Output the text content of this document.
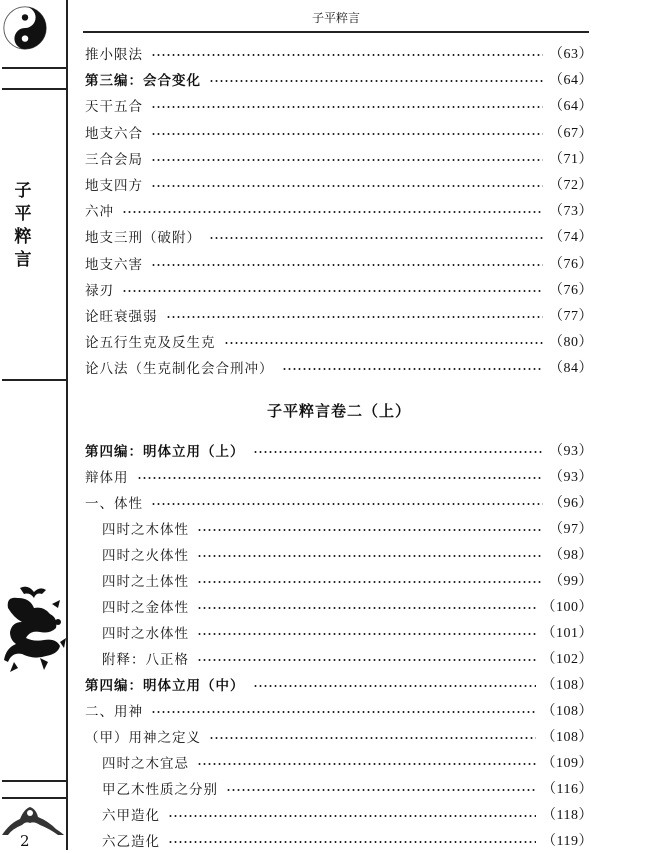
子
平
粹
言
2
子平粹言
推小限法	（63）
第三编：会合变化	（64）
天干五合	（64）
地支六合	（67）
三合会局	（71）
地支四方	（72）
六冲	（73）
地支三刑（破附）	（74）
地支六害	（76）
禄刃	（76）
论旺衰强弱	（77）
论五行生克及反生克	（80）
论八法（生克制化会合刑冲）	（84）
子平粹言卷二（上）
第四编：明体立用（上）	（93）
辩体用	（93）
一、体性	（96）
四时之木体性	（97）
四时之火体性	（98）
四时之土体性	（99）
四时之金体性	（100）
四时之水体性	（101）
附释：八正格	（102）
第四编：明体立用（中）	（108）
二、用神	（108）
（甲）用神之定义	（108）
四时之木宜忌	（109）
甲乙木性质之分别	（116）
六甲造化	（118）
六乙造化	（119）
